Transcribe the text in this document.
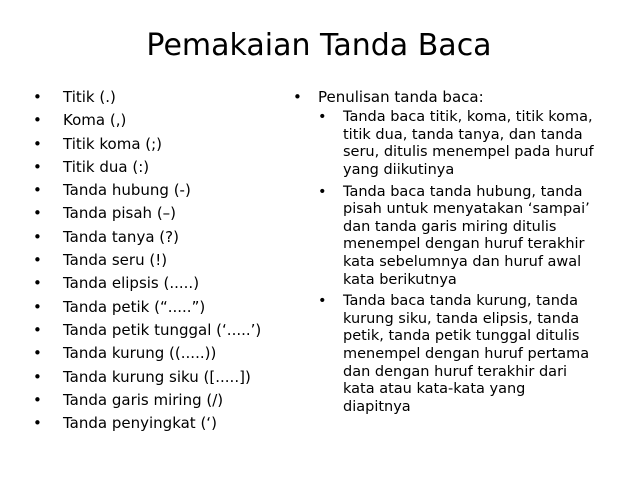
Pemakaian Tanda Baca
• Titik (.)
• Koma (,)
• Titik koma (;)
• Titik dua (:)
• Tanda hubung (-)
• Tanda pisah (–)
• Tanda tanya (?)
• Tanda seru (!)
• Tanda elipsis (.....)
• Tanda petik (“.....”)
• Tanda petik tunggal (‘.....’)
• Tanda kurung ((.....))
• Tanda kurung siku ([.....])
• Tanda garis miring (/)
• Tanda penyingkat (‘)
• Penulisan tanda baca:
• Tanda baca titik, koma, titik koma, titik dua, tanda tanya, dan tanda seru, ditulis menempel pada huruf yang diikutinya
• Tanda baca tanda hubung, tanda pisah untuk menyatakan ‘sampai’ dan tanda garis miring ditulis menempel dengan huruf terakhir kata sebelumnya dan huruf awal kata berikutnya
• Tanda baca tanda kurung, tanda kurung siku, tanda elipsis, tanda petik, tanda petik tunggal ditulis menempel dengan huruf pertama dan dengan huruf terakhir dari kata atau kata-kata yang diapitnya
